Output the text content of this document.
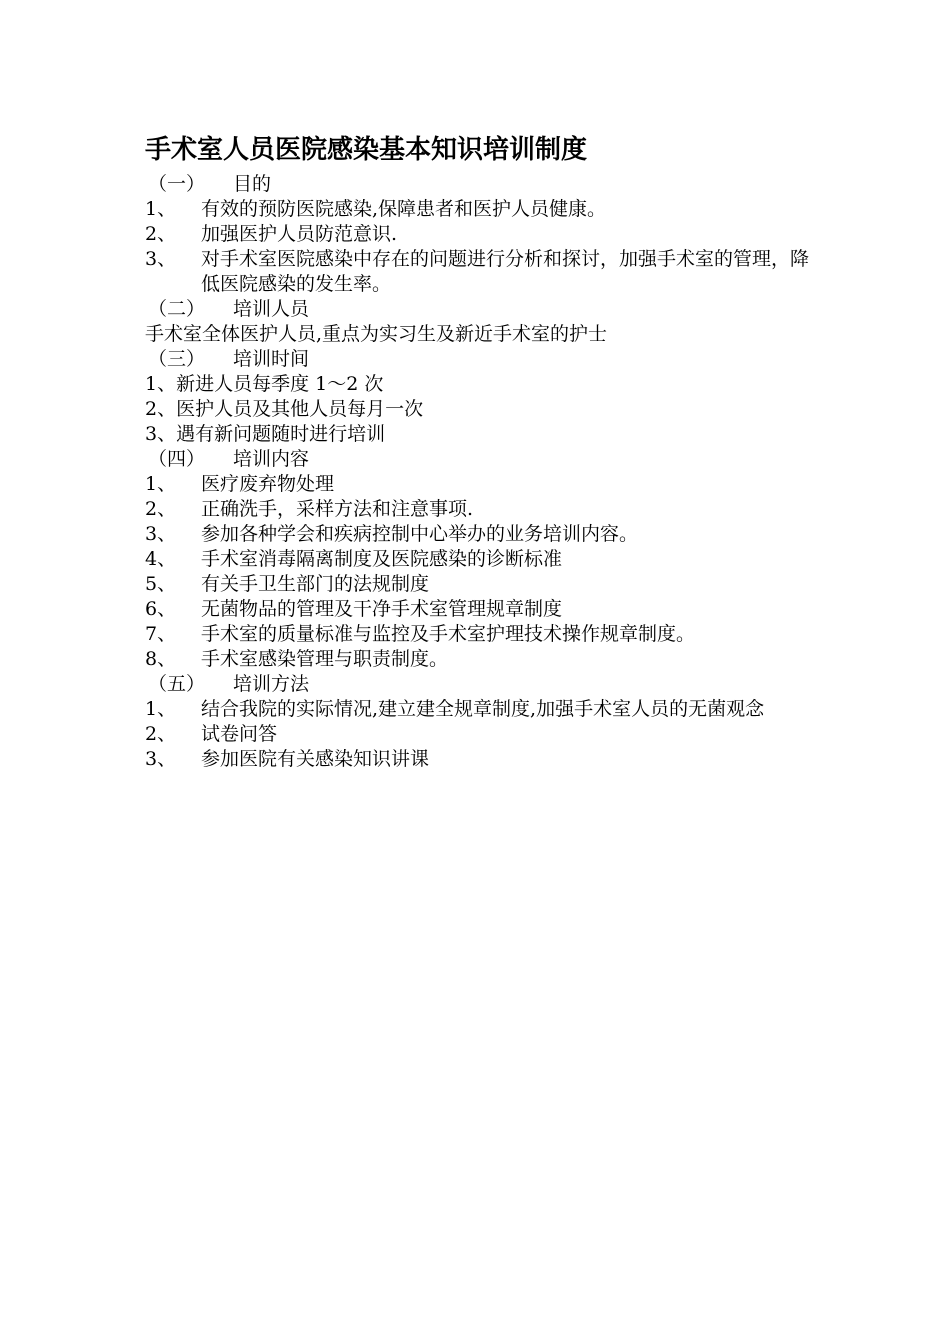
手术室人员医院感染基本知识培训制度
（一）	目的
1、	有效的预防医院感染,保障患者和医护人员健康。
2、	加强医护人员防范意识.
3、	对手术室医院感染中存在的问题进行分析和探讨，加强手术室的管理，降低医院感染的发生率。
（二）	培训人员
手术室全体医护人员,重点为实习生及新近手术室的护士
（三）	培训时间
1、新进人员每季度 1～2 次
2、医护人员及其他人员每月一次
3、遇有新问题随时进行培训
（四）	培训内容
1、	医疗废弃物处理
2、	正确洗手，采样方法和注意事项.
3、	参加各种学会和疾病控制中心举办的业务培训内容。
4、	手术室消毒隔离制度及医院感染的诊断标准
5、	有关手卫生部门的法规制度
6、	无菌物品的管理及干净手术室管理规章制度
7、	手术室的质量标准与监控及手术室护理技术操作规章制度。
8、	手术室感染管理与职责制度。
（五）	培训方法
1、	结合我院的实际情况,建立建全规章制度,加强手术室人员的无菌观念
2、	试卷问答
3、	参加医院有关感染知识讲课
